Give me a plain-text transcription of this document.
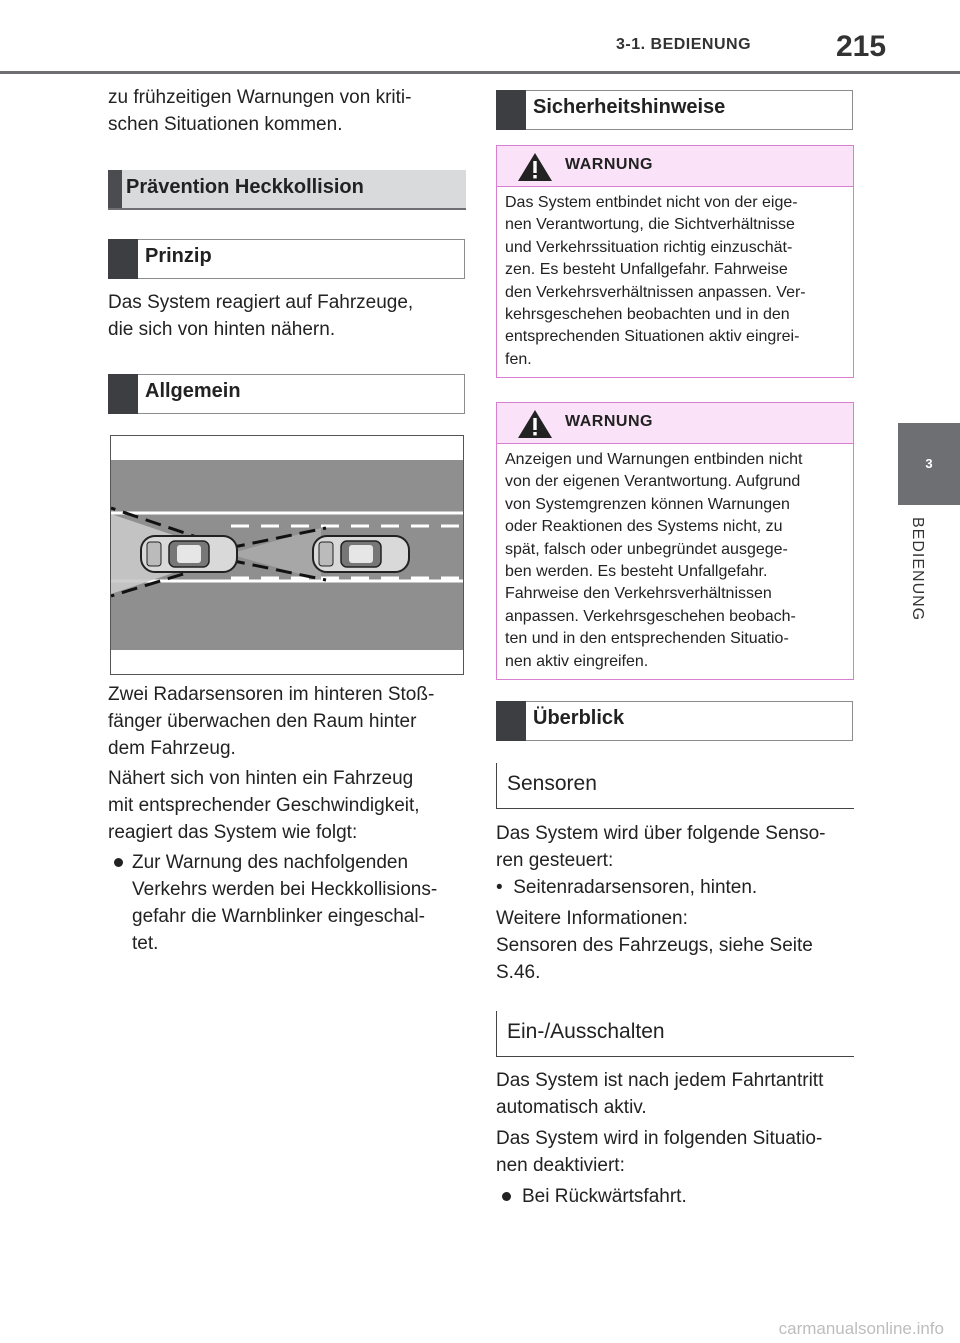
3-1. BEDIENUNG	215
3
BEDIENUNG
zu frühzeitigen Warnungen von kriti-
schen Situationen kommen.
Prävention Heckkollision
Prinzip
Das System reagiert auf Fahrzeuge,
die sich von hinten nähern.
Allgemein
Zwei Radarsensoren im hinteren Stoß-
fänger überwachen den Raum hinter
dem Fahrzeug.
Nähert sich von hinten ein Fahrzeug
mit entsprechender Geschwindigkeit,
reagiert das System wie folgt:
Zur Warnung des nachfolgenden
Verkehrs werden bei Heckkollisions-
gefahr die Warnblinker eingeschal-
tet.
Sicherheitshinweise
WARNUNG
Das System entbindet nicht von der eige-
nen Verantwortung, die Sichtverhältnisse
und Verkehrssituation richtig einzuschät-
zen. Es besteht Unfallgefahr. Fahrweise
den Verkehrsverhältnissen anpassen. Ver-
kehrsgeschehen beobachten und in den
entsprechenden Situationen aktiv eingrei-
fen.
WARNUNG
Anzeigen und Warnungen entbinden nicht
von der eigenen Verantwortung. Aufgrund
von Systemgrenzen können Warnungen
oder Reaktionen des Systems nicht, zu
spät, falsch oder unbegründet ausgege-
ben werden. Es besteht Unfallgefahr.
Fahrweise den Verkehrsverhältnissen
anpassen. Verkehrsgeschehen beobach-
ten und in den entsprechenden Situatio-
nen aktiv eingreifen.
Überblick
Sensoren
Das System wird über folgende Senso-
ren gesteuert:
•  Seitenradarsensoren, hinten.
Weitere Informationen:
Sensoren des Fahrzeugs, siehe Seite
S.46.
Ein-/Ausschalten
Das System ist nach jedem Fahrtantritt
automatisch aktiv.
Das System wird in folgenden Situatio-
nen deaktiviert:
Bei Rückwärtsfahrt.
carmanualsonline.info
